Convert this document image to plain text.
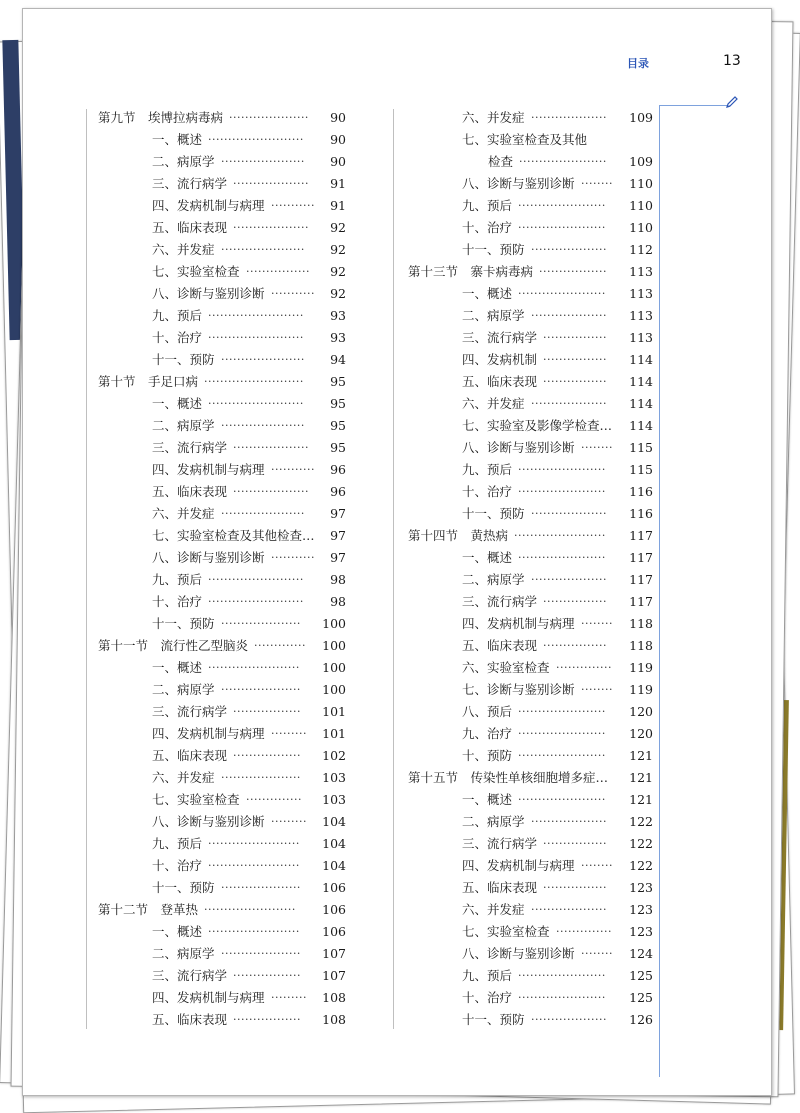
目录	13
第九节　埃博拉病毒病 ····················	90
一、概述 ························	90
二、病原学 ·····················	90
三、流行病学 ···················	91
四、发病机制与病理 ···········	91
五、临床表现 ···················	92
六、并发症 ·····················	92
七、实验室检查 ················	92
八、诊断与鉴别诊断 ···········	92
九、预后 ························	93
十、治疗 ························	93
十一、预防 ·····················	94
第十节　手足口病 ·························	95
一、概述 ························	95
二、病原学 ·····················	95
三、流行病学 ···················	95
四、发病机制与病理 ···········	96
五、临床表现 ···················	96
六、并发症 ·····················	97
七、实验室检查及其他检查… 97
八、诊断与鉴别诊断 ···········	97
九、预后 ························	98
十、治疗 ························	98
十一、预防 ····················	100
第十一节　流行性乙型脑炎 ·············	100
一、概述 ·······················	100
二、病原学 ····················	100
三、流行病学 ·················	101
四、发病机制与病理 ·········	101
五、临床表现 ·················	102
六、并发症 ····················	103
七、实验室检查 ··············	103
八、诊断与鉴别诊断 ·········	104
九、预后 ·······················	104
十、治疗 ·······················	104
十一、预防 ····················	106
第十二节　登革热 ·······················	106
一、概述 ·······················	106
二、病原学 ····················	107
三、流行病学 ·················	107
四、发病机制与病理 ·········	108
五、临床表现 ·················	108
六、并发症 ···················	109
七、实验室检查及其他
检查 ······················	109
八、诊断与鉴别诊断 ········	110
九、预后 ······················	110
十、治疗 ······················	110
十一、预防 ···················	112
第十三节　寨卡病毒病 ·················	113
一、概述 ······················	113
二、病原学 ···················	113
三、流行病学 ················	113
四、发病机制 ················	114
五、临床表现 ················	114
六、并发症 ···················	114
七、实验室及影像学检查… 114
八、诊断与鉴别诊断 ········	115
九、预后 ······················	115
十、治疗 ······················	116
十一、预防 ···················	116
第十四节　黄热病 ·······················	117
一、概述 ······················	117
二、病原学 ···················	117
三、流行病学 ················	117
四、发病机制与病理 ········	118
五、临床表现 ················	118
六、实验室检查 ··············	119
七、诊断与鉴别诊断 ········	119
八、预后 ······················	120
九、治疗 ······················	120
十、预防 ······················	121
第十五节　传染性单核细胞增多症… 121
一、概述 ······················	121
二、病原学 ···················	122
三、流行病学 ················	122
四、发病机制与病理 ········	122
五、临床表现 ················	123
六、并发症 ···················	123
七、实验室检查 ··············	123
八、诊断与鉴别诊断 ········	124
九、预后 ······················	125
十、治疗 ······················	125
十一、预防 ···················	126
